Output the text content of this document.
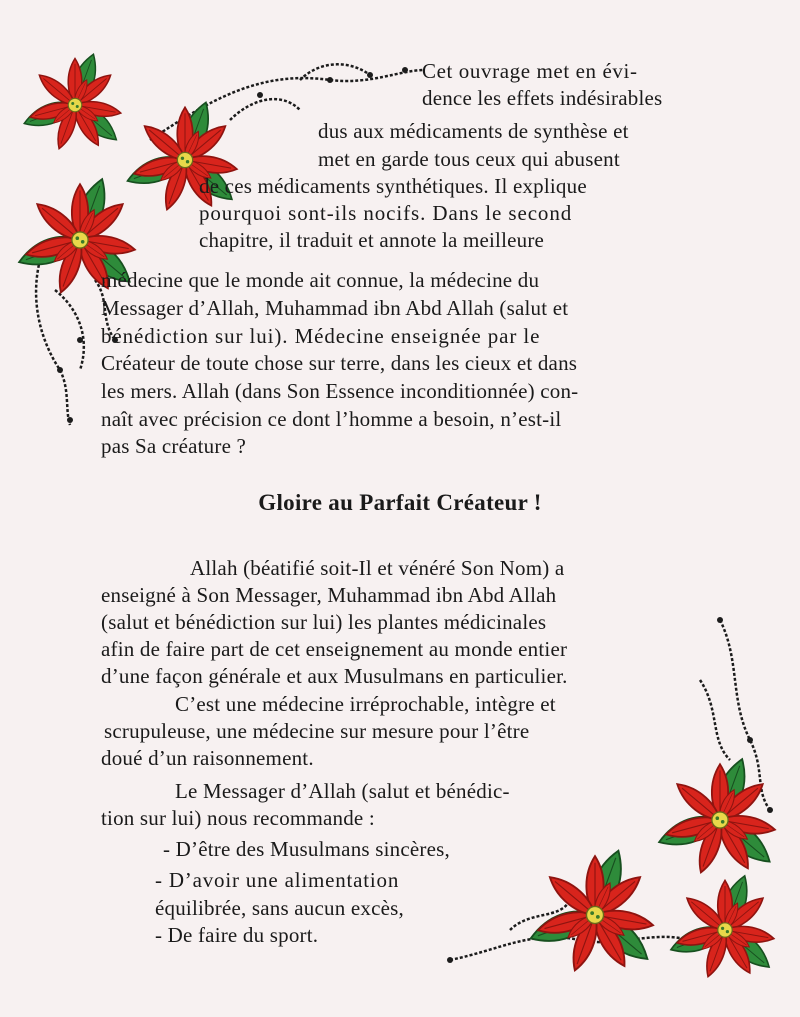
Cet ouvrage met en évi-

dence les effets indésirables

dus aux médicaments de synthèse et

met en garde tous ceux qui abusent

de ces médicaments synthétiques. Il explique

pourquoi sont-ils nocifs. Dans le second

chapitre, il traduit et annote la meilleure

médecine que le monde ait connue, la médecine du

Messager d’Allah, Muhammad ibn Abd Allah (salut et

bénédiction sur lui). Médecine enseignée par le

Créateur de toute chose sur terre, dans les cieux et dans

les mers. Allah (dans Son Essence inconditionnée) con-

naît avec précision ce dont l’homme a besoin, n’est-il

pas Sa créature ?

Gloire au Parfait Créateur !

Allah (béatifié soit-Il et vénéré Son Nom) a

enseigné à Son Messager, Muhammad ibn Abd Allah

(salut et bénédiction sur lui) les plantes médicinales

afin de faire part de cet enseignement au monde entier

d’une façon générale et aux Musulmans en particulier.

C’est une médecine irréprochable, intègre et

scrupuleuse, une médecine sur mesure pour l’être

doué d’un raisonnement.

Le Messager d’Allah (salut et bénédic-

tion sur lui) nous recommande :

- D’être des Musulmans sincères,

- D’avoir une alimentation

équilibrée, sans aucun excès,

- De faire du sport.
